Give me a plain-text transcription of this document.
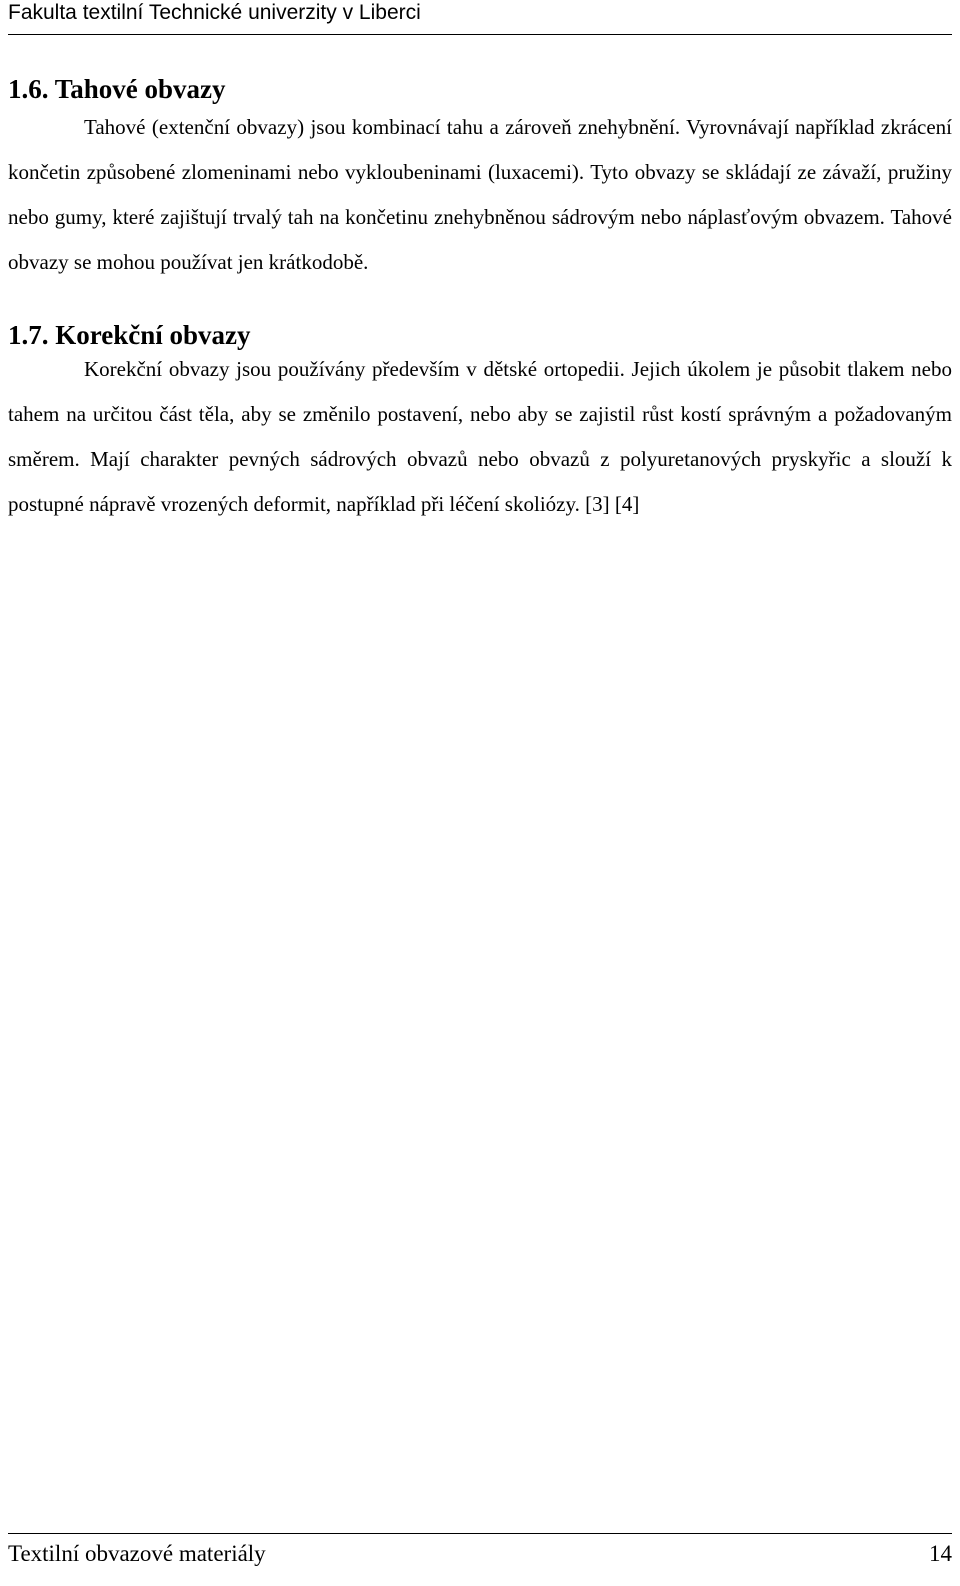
Fakulta textilní Technické univerzity v Liberci
1.6. Tahové obvazy

Tahové (extenční obvazy) jsou kombinací tahu a zároveň znehybnění. Vyrovnávají například zkrácení končetin způsobené zlomeninami nebo vykloubeninami (luxacemi). Tyto obvazy se skládají ze závaží, pružiny nebo gumy, které zajištují trvalý tah na končetinu znehybněnou sádrovým nebo náplasťovým obvazem. Tahové obvazy se mohou používat jen krátkodobě.

1.7. Korekční obvazy

Korekční obvazy jsou používány především v dětské ortopedii. Jejich úkolem je působit tlakem nebo tahem na určitou část těla, aby se změnilo postavení, nebo aby se zajistil růst kostí správným a požadovaným směrem. Mají charakter pevných sádrových obvazů nebo obvazů z polyuretanových pryskyřic a slouží k postupné nápravě vrozených deformit, například při léčení skoliózy. [3] [4]

Textilní obvazové materiály	14
